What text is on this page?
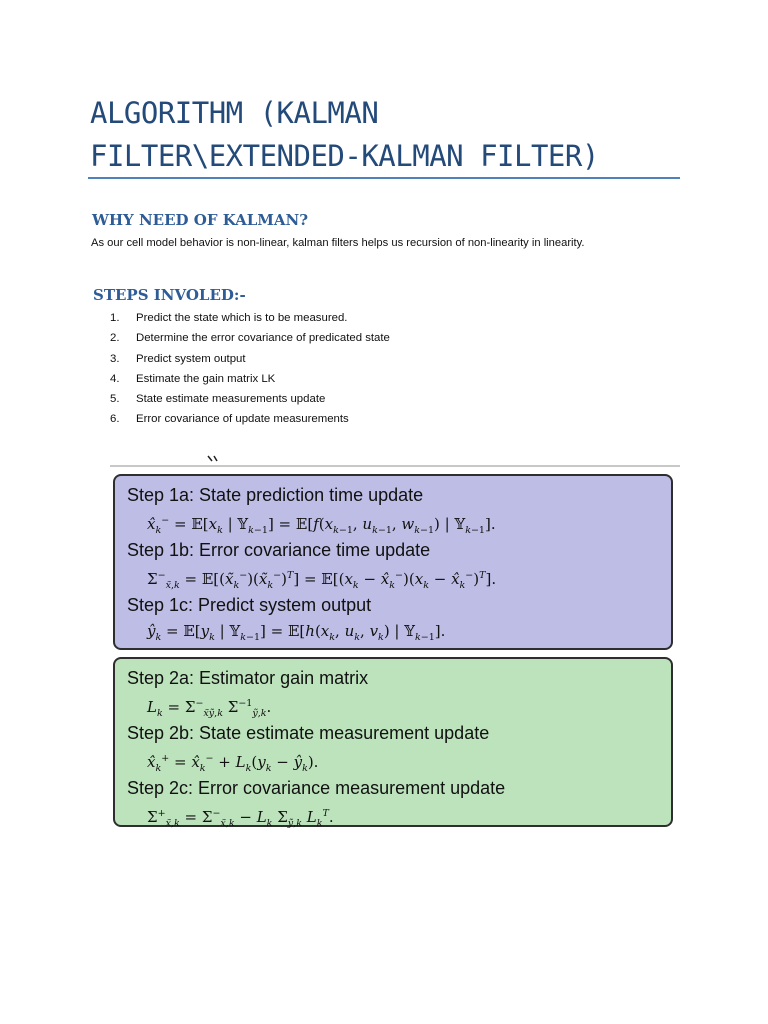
ALGORITHM (KALMAN
FILTER\EXTENDED-KALMAN FILTER)
WHY NEED OF KALMAN?

As our cell model behavior is non-linear, kalman filters helps us recursion of non-linearity in linearity.

STEPS INVOLED:-
1. Predict the state which is to be measured.
2. Determine the error covariance of predicated state
3. Predict system output
4. Estimate the gain matrix LK
5. State estimate measurements update
6. Error covariance of update measurements
Step 1a: State prediction time update
$x̂_k^-$ = $𝔼[x_k$ | 𝕐$_{k-1}$] = $𝔼[f(x_{k-1}$, $u_{k-1}$, $w_{k-1}$) | 𝕐$_{k-1}$].
Step 1b: Error covariance time update
$\Sigma^-_{x̃,k}$ = $𝔼[(x̃_k^-)(x̃_k^-)^T]$ = $𝔼[(x_k$ − $x̂_k^-)(x_k$ − $x̂_k^-)^T$].
Step 1c: Predict system output
$ŷ_k$ = $𝔼[y_k$ | 𝕐$_{k-1}$] = $𝔼[h(x_k$, $u_k$, $v_k$) | 𝕐$_{k-1}$].
Step 2a: Estimator gain matrix
$L_k = \Sigma^-_{x̃ỹ,k}$ $\Sigma^{-1}_{ỹ,k}$.
Step 2b: State estimate measurement update
$x̂_k^+$ = $x̂_k^- + L_k(y_k$ − $ŷ_k$).
Step 2c: Error covariance measurement update
$\Sigma^+_{x̃,k} = \Sigma^-_{x̃,k} - L_k$ $\Sigma_{ỹ,k}$ $L_k^T$.
